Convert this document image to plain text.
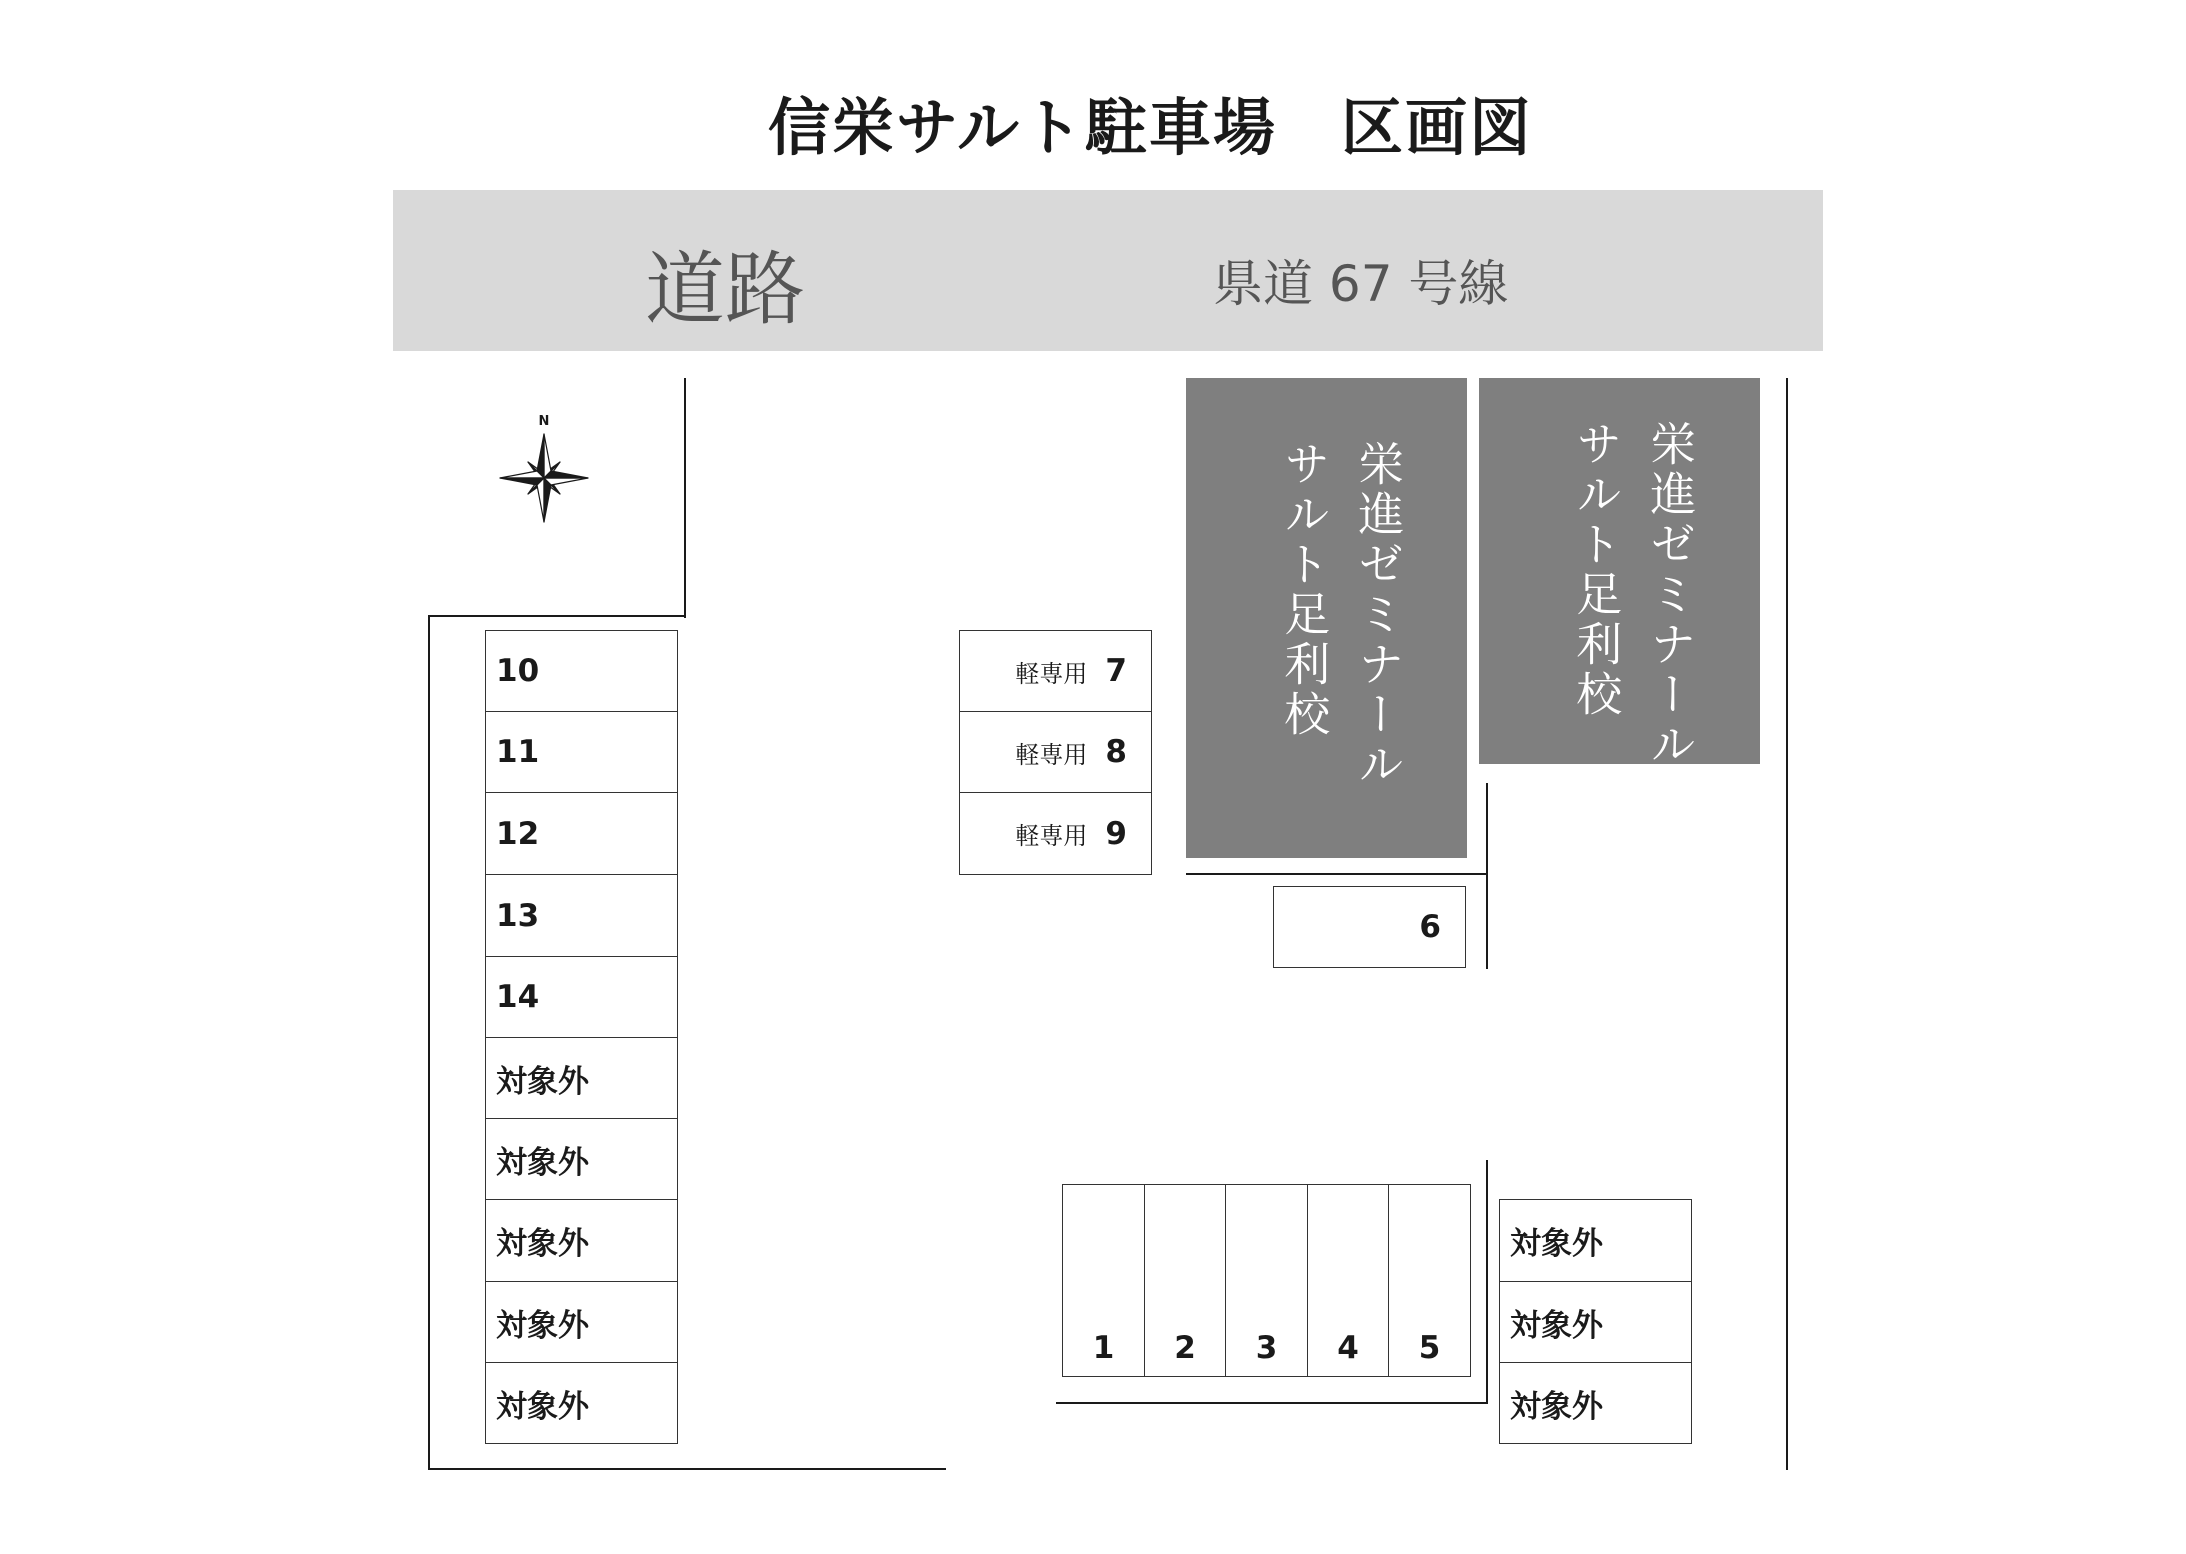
信栄サルト駐車場　区画図
道路	県道 67 号線
N
栄進ゼミナール
サルト足利校	栄進ゼミナール
サルト足利校
10
11
12
13
14
対象外
対象外
対象外
対象外
対象外
軽専用 7
軽専用 8
軽専用 9
6
1 2 3 4 5
対象外
対象外
対象外
